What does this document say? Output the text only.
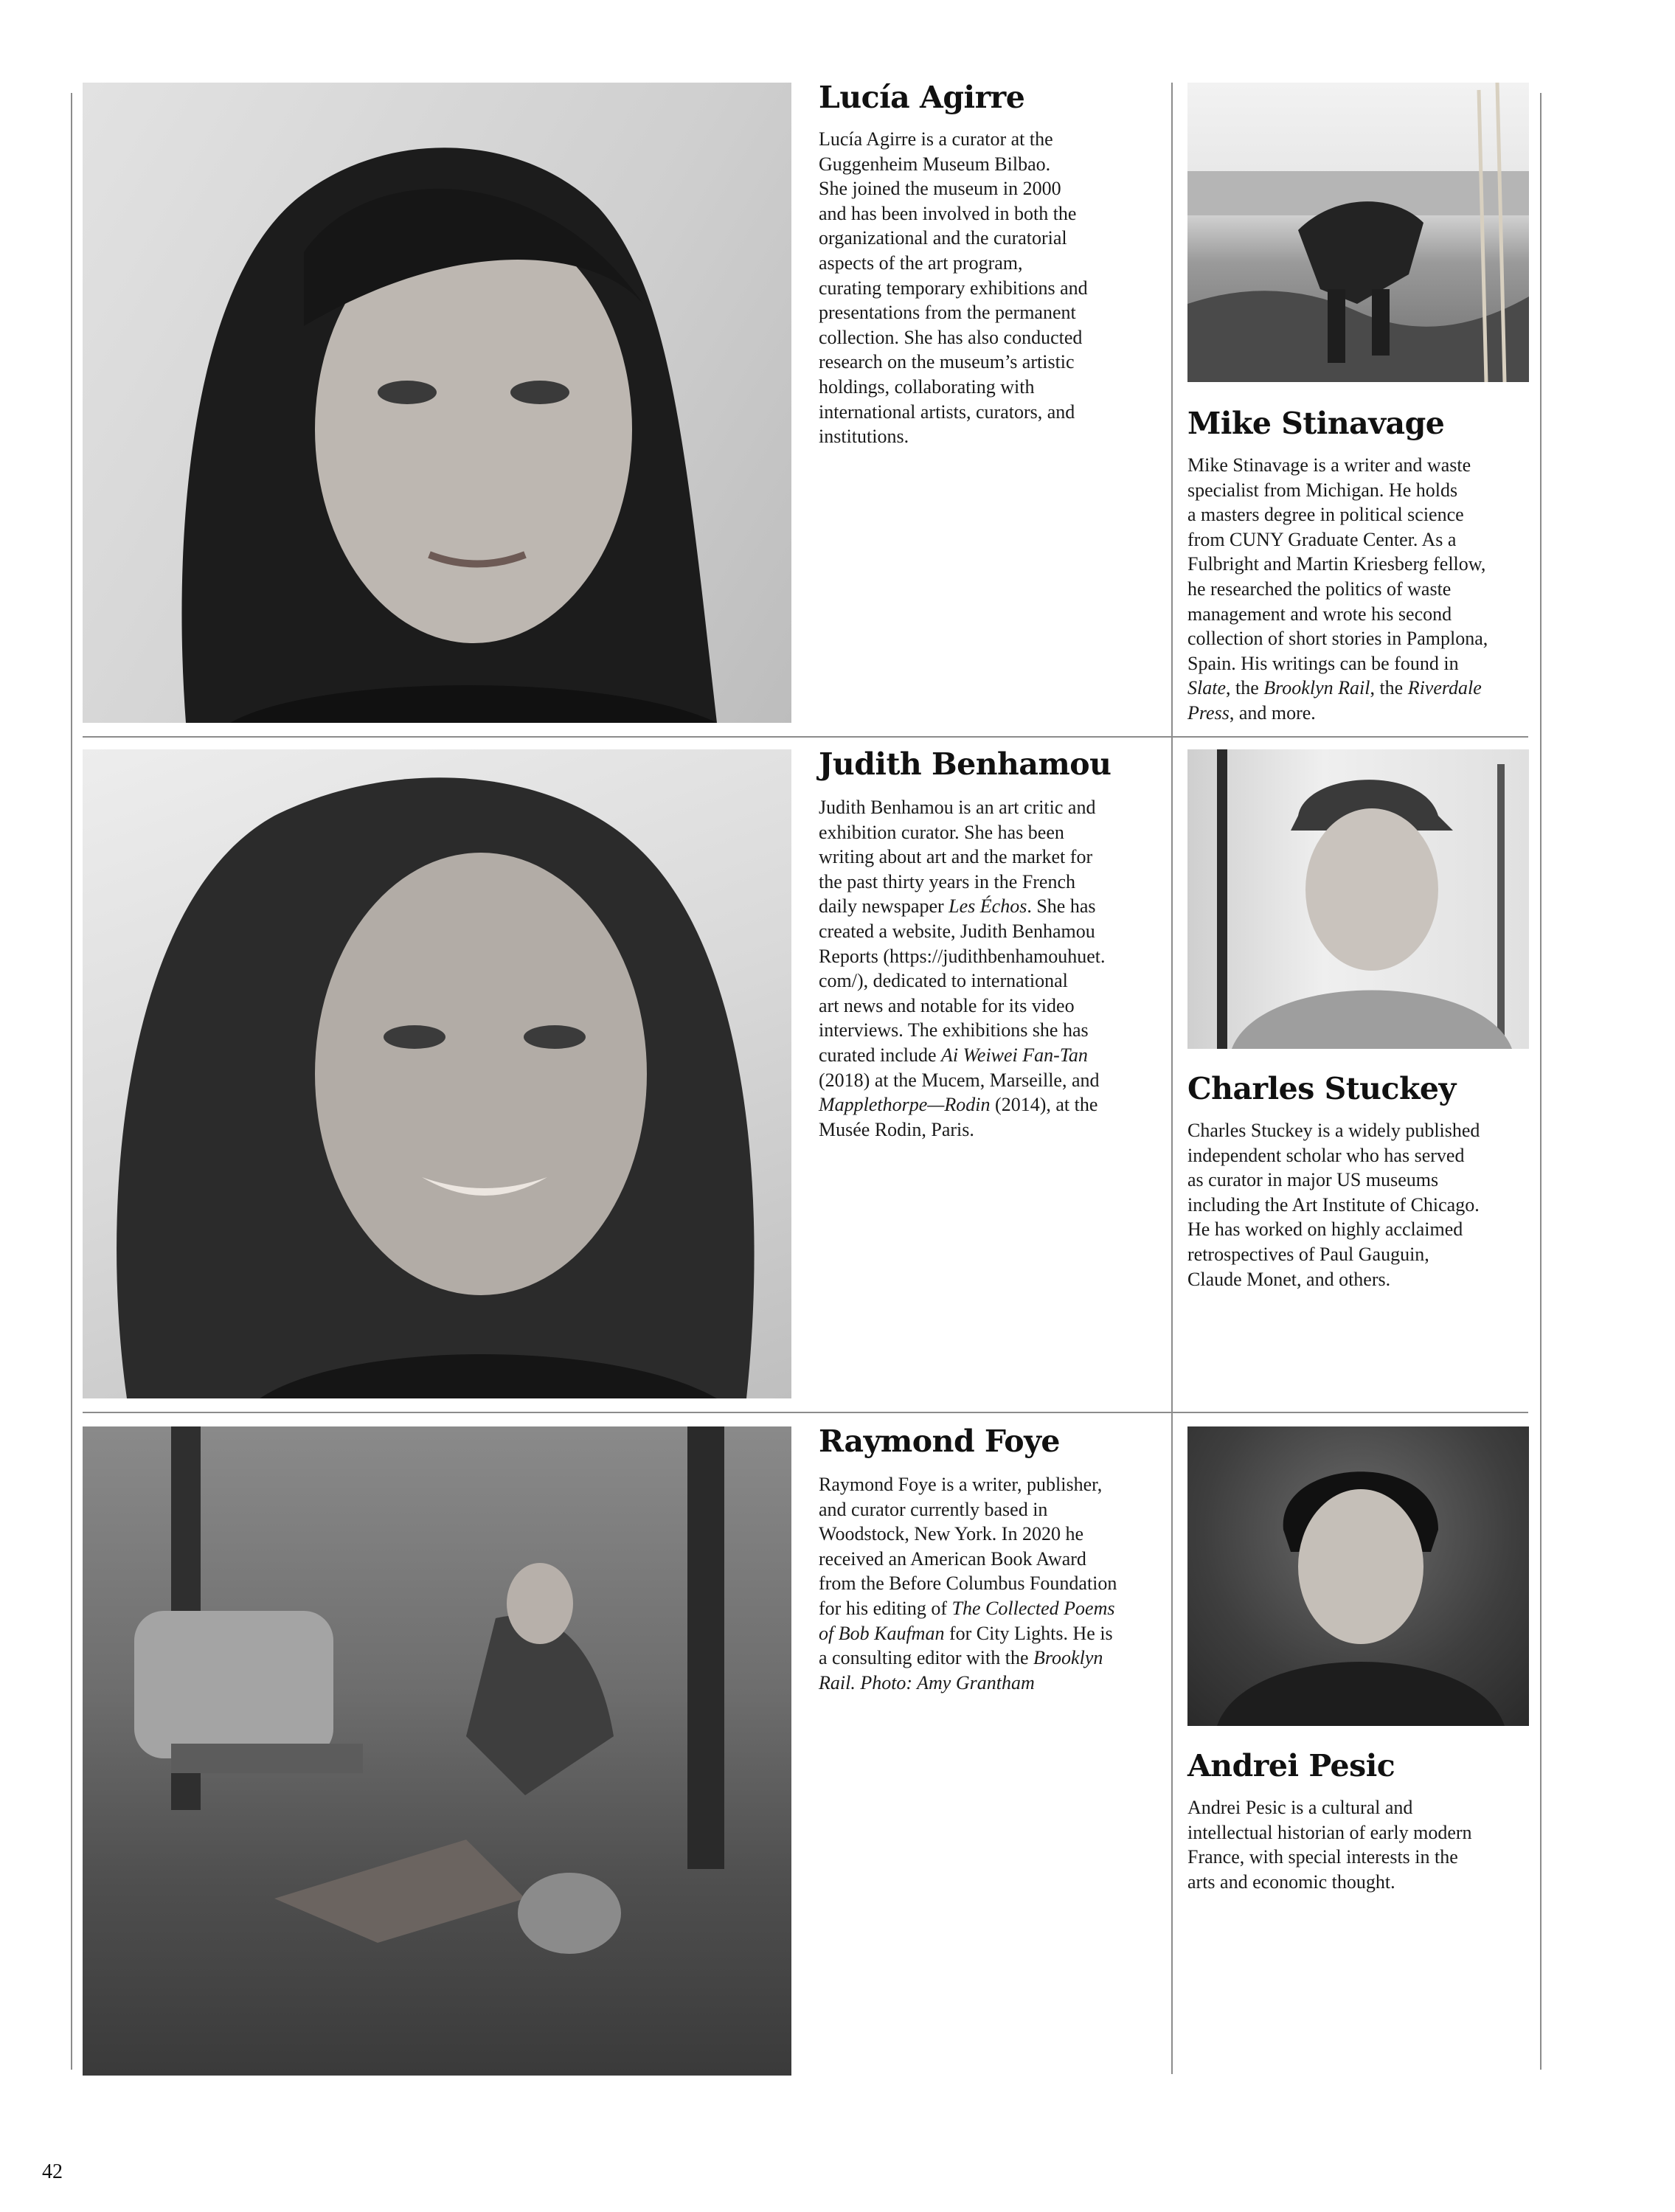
Lucía Agirre

Lucía Agirre is a curator at the
Guggenheim Museum Bilbao.
She joined the museum in 2000
and has been involved in both the
organizational and the curatorial
aspects of the art program,
curating temporary exhibitions and
presentations from the permanent
collection. She has also conducted
research on the museum’s artistic
holdings, collaborating with
international artists, curators, and
institutions.	Mike Stinavage

Mike Stinavage is a writer and waste
specialist from Michigan. He holds
a masters degree in political science
from CUNY Graduate Center. As a
Fulbright and Martin Kriesberg fellow,
he researched the politics of waste
management and wrote his second
collection of short stories in Pamplona,
Spain. His writings can be found in
Slate, the Brooklyn Rail, the Riverdale
Press, and more.

Judith Benhamou

Judith Benhamou is an art critic and
exhibition curator. She has been
writing about art and the market for
the past thirty years in the French
daily newspaper Les Échos. She has
created a website, Judith Benhamou
Reports (https://judithbenhamouhuet.
com/), dedicated to international
art news and notable for its video
interviews. The exhibitions she has
curated include Ai Weiwei Fan-Tan
(2018) at the Mucem, Marseille, and
Mapplethorpe—Rodin (2014), at the
Musée Rodin, Paris.

Charles Stuckey

Charles Stuckey is a widely published
independent scholar who has served
as curator in major US museums
including the Art Institute of Chicago.
He has worked on highly acclaimed
retrospectives of Paul Gauguin,
Claude Monet, and others.

Raymond Foye

Raymond Foye is a writer, publisher,
and curator currently based in
Woodstock, New York. In 2020 he
received an American Book Award
from the Before Columbus Foundation
for his editing of The Collected Poems
of Bob Kaufman for City Lights. He is
a consulting editor with the Brooklyn
Rail. Photo: Amy Grantham

Andrei Pesic

Andrei Pesic is a cultural and
intellectual historian of early modern
France, with special interests in the
arts and economic thought.

42
